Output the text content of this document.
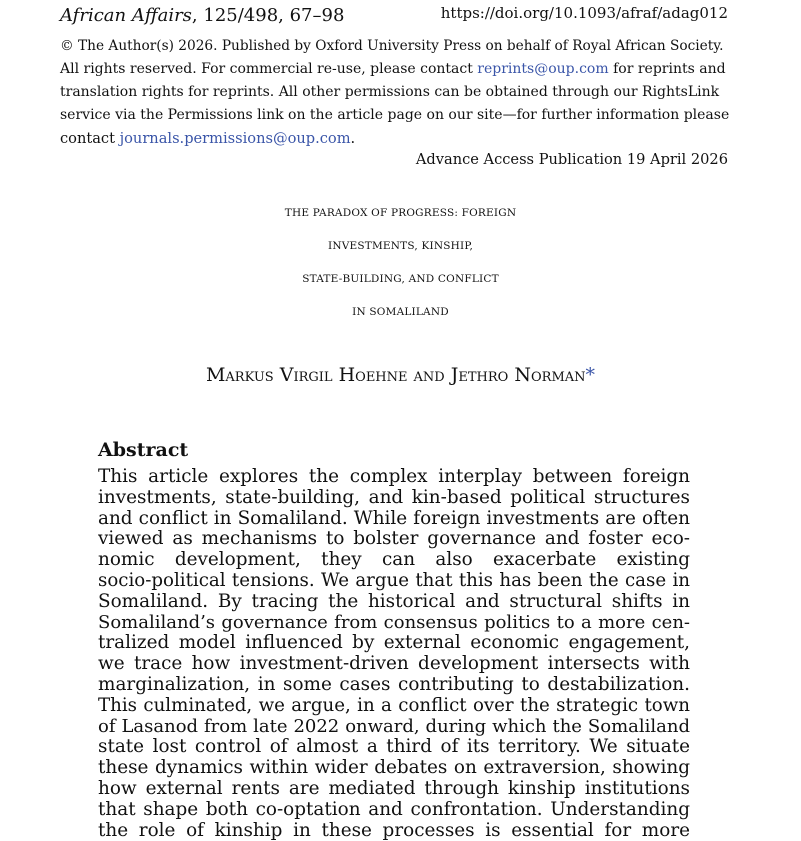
African Affairs, 125/498, 67–98	https://doi.org/10.1093/afraf/adag012
© The Author(s) 2026. Published by Oxford University Press on behalf of Royal African Society.
All rights reserved. For commercial re-use, please contact reprints@oup.com for reprints and
translation rights for reprints. All other permissions can be obtained through our RightsLink
service via the Permissions link on the article page on our site—for further information please
contact journals.permissions@oup.com.
Advance Access Publication 19 April 2026
THE PARADOX OF PROGRESS: FOREIGN
INVESTMENTS, KINSHIP,
STATE-BUILDING, AND CONFLICT
IN SOMALILAND
Markus Virgil Hoehne and Jethro Norman*
Abstract
This article explores the complex interplay between foreign
investments, state-building, and kin-based political structures
and conflict in Somaliland. While foreign investments are often
viewed as mechanisms to bolster governance and foster eco-
nomic development, they can also exacerbate existing
socio-political tensions. We argue that this has been the case in
Somaliland. By tracing the historical and structural shifts in
Somaliland’s governance from consensus politics to a more cen-
tralized model influenced by external economic engagement,
we trace how investment-driven development intersects with
marginalization, in some cases contributing to destabilization.
This culminated, we argue, in a conflict over the strategic town
of Lasanod from late 2022 onward, during which the Somaliland
state lost control of almost a third of its territory. We situate
these dynamics within wider debates on extraversion, showing
how external rents are mediated through kinship institutions
that shape both co-optation and confrontation. Understanding
the role of kinship in these processes is essential for more
